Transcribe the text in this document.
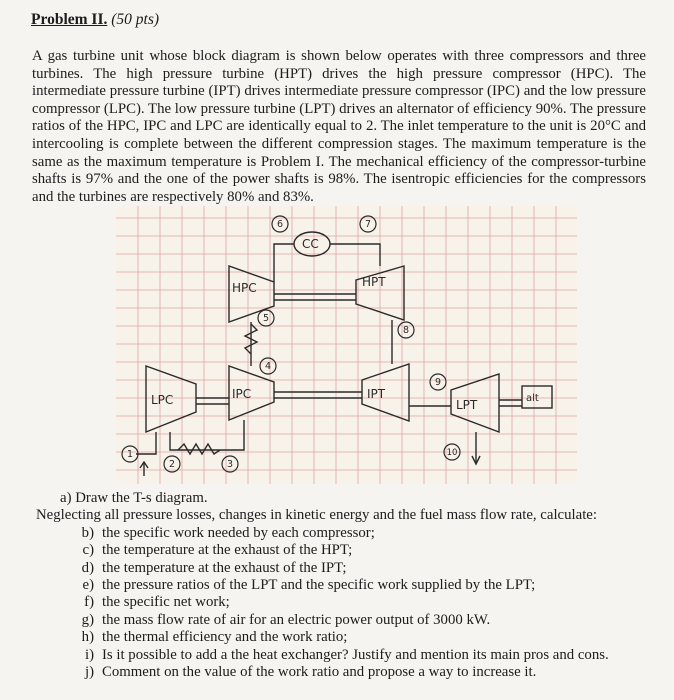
Problem II. (50 pts)

A gas turbine unit whose block diagram is shown below operates with three compressors and three turbines. The high pressure turbine (HPT) drives the high pressure compressor (HPC). The intermediate pressure turbine (IPT) drives intermediate pressure compressor (IPC) and the low pressure compressor (LPC). The low pressure turbine (LPT) drives an alternator of efficiency 90%. The pressure ratios of the HPC, IPC and LPC are identically equal to 2. The inlet temperature to the unit is 20°C and intercooling is complete between the different compression stages. The maximum temperature is the same as the maximum temperature is Problem I. The mechanical efficiency of the compressor-turbine shafts is 97% and the one of the power shafts is 98%. The isentropic efficiencies for the compressors and the turbines are respectively 80% and 83%.

HPC	HPT
IPC	IPT
LPC	LPT
CC
alt
1
2	3
4
5
6	7
8
9
10
a) Draw the T-s diagram.
Neglecting all pressure losses, changes in kinetic energy and the fuel mass flow rate, calculate:
b) the specific work needed by each compressor;
c) the temperature at the exhaust of the HPT;
d) the temperature at the exhaust of the IPT;
e) the pressure ratios of the LPT and the specific work supplied by the LPT;
f) the specific net work;
g) the mass flow rate of air for an electric power output of 3000 kW.
h) the thermal efficiency and the work ratio;
i) Is it possible to add a the heat exchanger? Justify and mention its main pros and cons.
j) Comment on the value of the work ratio and propose a way to increase it.
